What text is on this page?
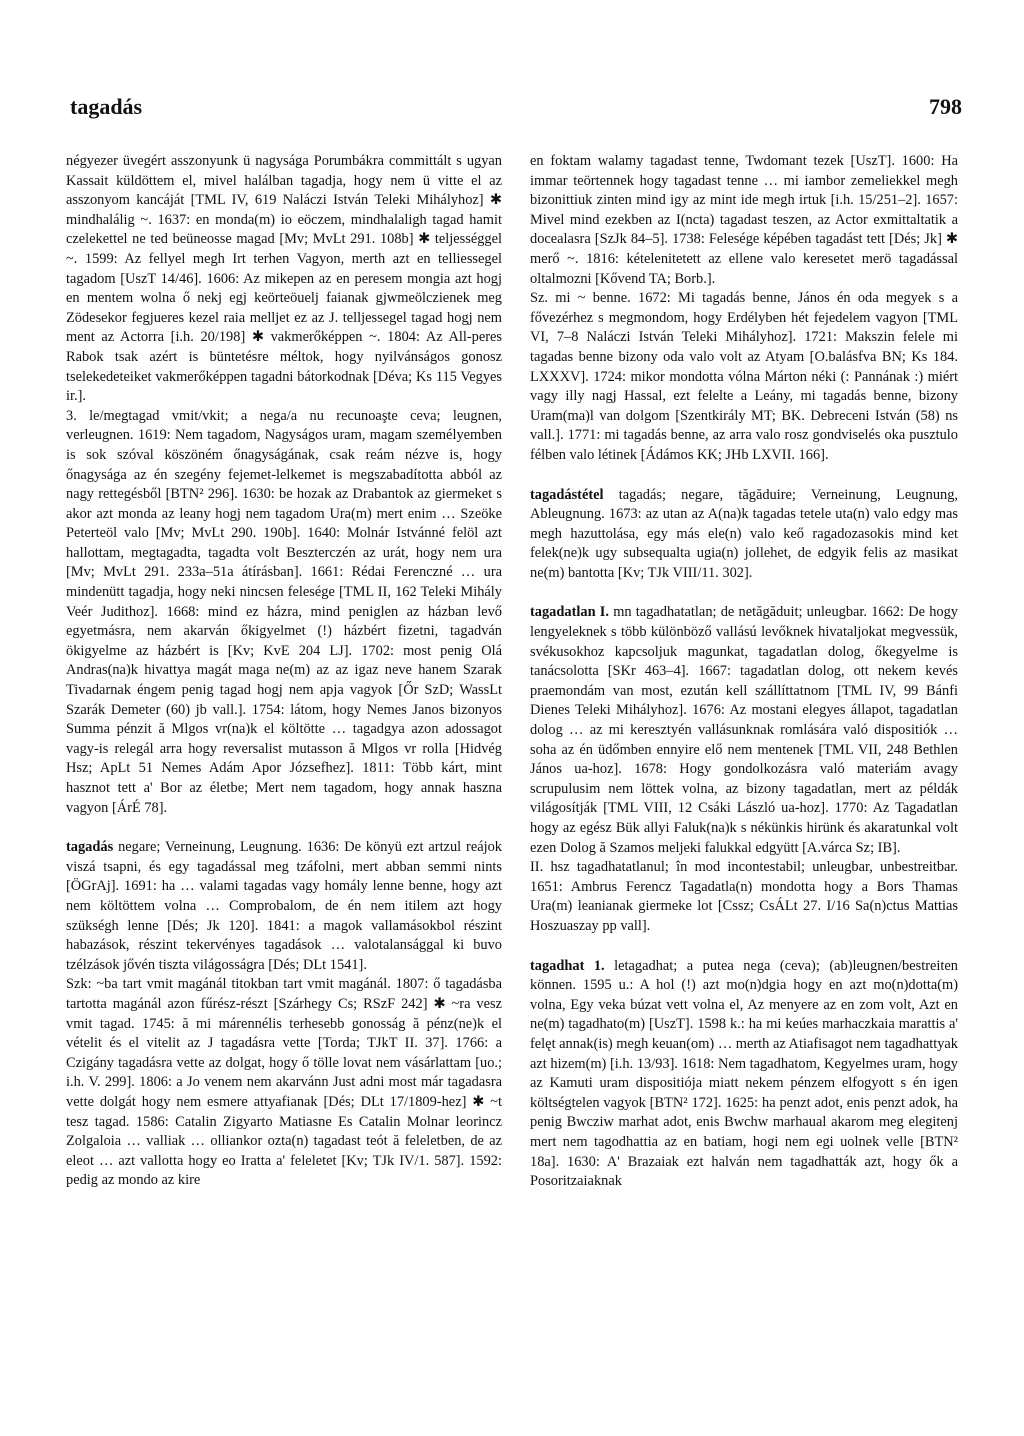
tagadás	798

négyezer üvegért asszonyunk ü nagysága Porumbákra committált s ugyan Kassait küldöttem el, mivel halálban tagadja, hogy nem ü vitte el az asszonyom kancáját [TML IV, 619 Naláczi István Teleki Mihályhoz] ✱ mindhalálig ~. 1637: en monda(m) io eöczem, mindhalaligh tagad hamit czelekettel ne ted beüneosse magad [Mv; MvLt 291. 108b] ✱ teljességgel ~. 1599: Az fellyel megh Irt terhen Vagyon, merth azt en telliessegel tagadom [UszT 14/46]. 1606: Az mikepen az en peresem mongia azt hogj en mentem wolna ő nekj egj keörteöuelj faianak gjwmeölczienek meg Zödesekor fegjueres kezel raia melljet ez az J. telljessegel tagad hogj nem ment az Actorra [i.h. 20/198] ✱ vakmerőképpen ~. 1804: Az All-peres Rabok tsak azért is büntetésre méltok, hogy nyilvánságos gonosz tselekedeteiket vakmerőképpen tagadni bátorkodnak [Déva; Ks 115 Vegyes ir.].

3. le/megtagad vmit/vkit; a nega/a nu recunoaşte ceva; leugnen, verleugnen. 1619: Nem tagadom, Nagyságos uram, magam személyemben is sok szóval köszöném őnagyságának, csak reám nézve is, hogy őnagysága az én szegény fejemet-lelkemet is megszabadította abból az nagy rettegésből [BTN² 296]. 1630: be hozak az Drabantok az giermeket s akor azt monda az leany hogj nem tagadom Ura(m) mert enim … Szeöke Peterteöl valo [Mv; MvLt 290. 190b]. 1640: Molnár Istvánné felöl azt hallottam, megtagadta, tagadta volt Beszterczén az urát, hogy nem ura [Mv; MvLt 291. 233a–51a átírásban]. 1661: Rédai Ferenczné … ura mindenütt tagadja, hogy neki nincsen felesége [TML II, 162 Teleki Mihály Veér Judithoz]. 1668: mind ez házra, mind peniglen az házban levő egyetmásra, nem akarván őkigyelmet (!) házbért fizetni, tagadván ökigyelme az házbért is [Kv; KvE 204 LJ]. 1702: most penig Olá Andras(na)k hivattya magát maga ne(m) az az igaz neve hanem Szarak Tivadarnak éngem penig tagad hogj nem apja vagyok [Őr SzD; WassLt Szarák Demeter (60) jb vall.]. 1754: látom, hogy Nemes Janos bizonyos Summa pénzit ă Mlgos vr(na)k el költötte … tagadgya azon adossagot vagy-is relegál arra hogy reversalist mutasson ă Mlgos vr rolla [Hidvég Hsz; ApLt 51 Nemes Adám Apor Józsefhez]. 1811: Több kárt, mint hasznot tett a' Bor az életbe; Mert nem tagadom, hogy annak haszna vagyon [ÁrÉ 78].

tagadás negare; Verneinung, Leugnung. 1636: De könyü ezt artzul reájok viszá tsapni, és egy tagadással meg tzáfolni, mert abban semmi nints [ÖGrAj]. 1691: ha … valami tagadas vagy homály lenne benne, hogy azt nem költöttem volna … Comprobalom, de én nem itilem azt hogy szükségh lenne [Dés; Jk 120]. 1841: a magok vallamásokbol részint habazások, részint tekervényes tagadások … valotalansággal ki buvo tzélzások jővén tiszta világosságra [Dés; DLt 1541].

Szk: ~ba tart vmit magánál titokban tart vmit magánál. 1807: ő tagadásba tartotta magánál azon fűrész-részt [Szárhegy Cs; RSzF 242] ✱ ~ra vesz vmit tagad. 1745: ă mi márennélis terhesebb gonosság ă pénz(ne)k el vételit és el vitelit az J tagadásra vette [Torda; TJkT II. 37]. 1766: a Czigány tagadásra vette az dolgat, hogy ő tölle lovat nem vásárlattam [uo.; i.h. V. 299]. 1806: a Jo venem nem akarvánn Just adni most már tagadasra vette dolgát hogy nem esmere attyafianak [Dés; DLt 17/1809-hez] ✱ ~t tesz tagad. 1586: Catalin Zigyarto Matiasne Es Catalin Molnar leorincz Zolgaloia … valliak … olliankor ozta(n) tagadast teót ă feleletben, de az eleot … azt vallotta hogy eo Iratta a' feleletet [Kv; TJk IV/1. 587]. 1592: pedig az mondo az kire

en foktam walamy tagadast tenne, Twdomant tezek [UszT]. 1600: Ha immar teörtennek hogy tagadast tenne … mi iambor zemeliekkel megh bizonittiuk zinten mind igy az mint ide megh irtuk [i.h. 15/251–2]. 1657: Mivel mind ezekben az I(ncta) tagadast teszen, az Actor exmittaltatik a docealasra [SzJk 84–5]. 1738: Felesége képében tagadást tett [Dés; Jk] ✱ merő ~. 1816: kételenitetett az ellene valo keresetet merö tagadással oltalmozni [Kővend TA; Borb.].

Sz. mi ~ benne. 1672: Mi tagadás benne, János én oda megyek s a fővezérhez s megmondom, hogy Erdélyben hét fejedelem vagyon [TML VI, 7–8 Naláczi István Teleki Mihályhoz]. 1721: Makszin felele mi tagadas benne bizony oda valo volt az Atyam [O.balásfva BN; Ks 184. LXXXV]. 1724: mikor mondotta vólna Márton néki (: Pannának :) miért vagy illy nagj Hassal, ezt felelte a Leány, mi tagadás benne, bizony Uram(ma)l van dolgom [Szentkirály MT; BK. Debreceni István (58) ns vall.]. 1771: mi tagadás benne, az arra valo rosz gondviselés oka pusztulo félben valo létinek [Ádámos KK; JHb LXVII. 166].

tagadástétel tagadás; negare, tăgăduire; Verneinung, Leugnung, Ableugnung. 1673: az utan az A(na)k tagadas tetele uta(n) valo edgy mas megh hazuttolása, egy más ele(n) valo keő ragadozasokis mind ket felek(ne)k ugy subsequalta ugia(n) jollehet, de edgyik felis az masikat ne(m) bantotta [Kv; TJk VIII/11. 302].

tagadatlan I. mn tagadhatatlan; de netăgăduit; unleugbar. 1662: De hogy lengyeleknek s több különböző vallású levőknek hivataljokat megvessük, svékusokhoz kapcsoljuk magunkat, tagadatlan dolog, őkegyelme is tanácsolotta [SKr 463–4]. 1667: tagadatlan dolog, ott nekem kevés praemondám van most, ezután kell szállíttatnom [TML IV, 99 Bánfi Dienes Teleki Mihályhoz]. 1676: Az mostani elegyes állapot, tagadatlan dolog … az mi keresztyén vallásunknak romlására való dispositiók … soha az én üdőmben ennyire elő nem mentenek [TML VII, 248 Bethlen János ua-hoz]. 1678: Hogy gondolkozásra való materiám avagy scrupulusim nem löttek volna, az bizony tagadatlan, mert az példák világosítják [TML VIII, 12 Csáki László ua-hoz]. 1770: Az Tagadatlan hogy az egész Bük allyi Faluk(na)k s nékünkis hirünk és akaratunkal volt ezen Dolog ă Szamos meljeki falukkal edgyütt [A.várca Sz; IB].

II. hsz tagadhatatlanul; în mod incontestabil; unleugbar, unbestreitbar. 1651: Ambrus Ferencz Tagadatla(n) mondotta hogy a Bors Thamas Ura(m) leanianak giermeke lot [Cssz; CsÁLt 27. I/16 Sa(n)ctus Mattias Hoszuaszay pp vall].

tagadhat 1. letagadhat; a putea nega (ceva); (ab)leugnen/bestreiten können. 1595 u.: A hol (!) azt mo(n)dgia hogy en azt mo(n)dotta(m) volna, Egy veka búzat vett volna el, Az menyere az en zom volt, Azt en ne(m) tagadhato(m) [UszT]. 1598 k.: ha mi keúes marhaczkaia marattis a' felęt annak(is) megh keuan(om) … merth az Atiafisagot nem tagadhattyak azt hizem(m) [i.h. 13/93]. 1618: Nem tagadhatom, Kegyelmes uram, hogy az Kamuti uram dispositiója miatt nekem pénzem elfogyott s én igen költségtelen vagyok [BTN² 172]. 1625: ha penzt adot, enis penzt adok, ha penig Bwcziw marhat adot, enis Bwchw marhaual akarom meg elegitenj mert nem tagodhattia az en batiam, hogi nem egi uolnek velle [BTN² 18a]. 1630: A' Brazaiak ezt halván nem tagadhatták azt, hogy ők a Posoritzaiaknak
